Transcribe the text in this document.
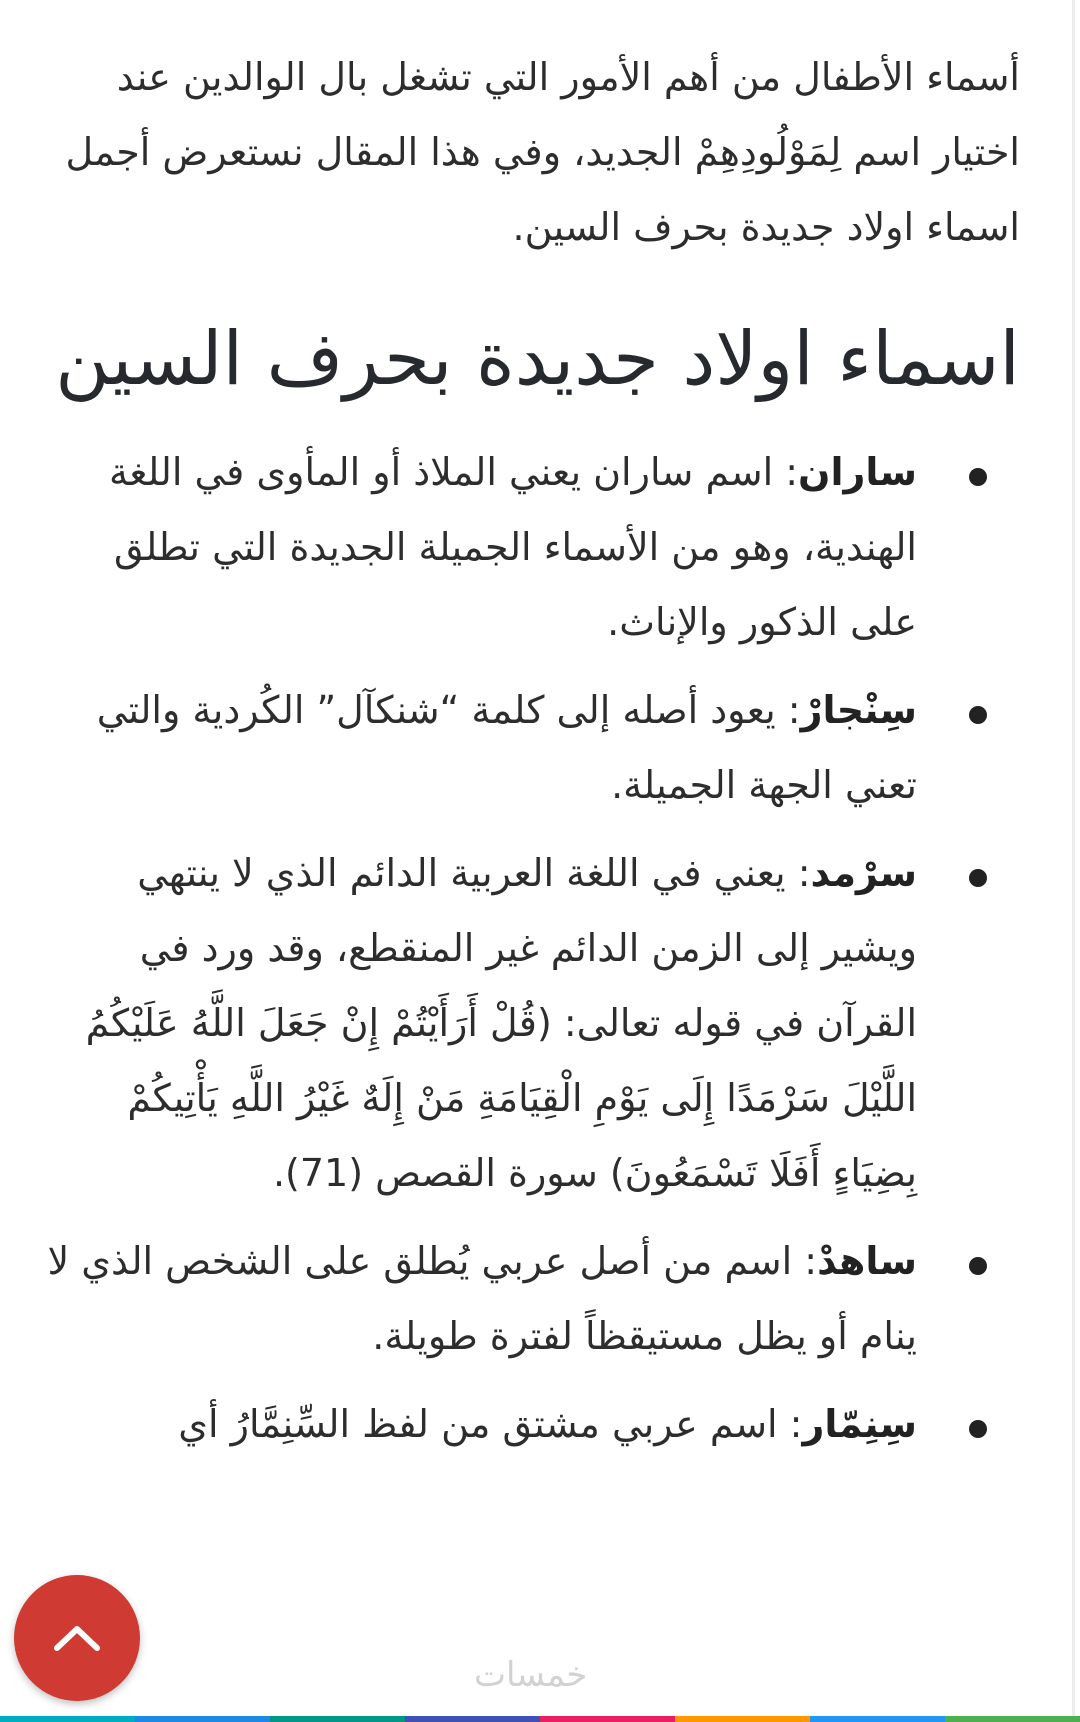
أسماء الأطفال من أهم الأمور التي تشغل بال الوالدين عند اختيار اسم لِمَوْلُودِهِمْ الجديد، وفي هذا المقال نستعرض أجمل اسماء اولاد جديدة بحرف السين.

اسماء اولاد جديدة بحرف السين
ساران: اسم ساران يعني الملاذ أو المأوى في اللغة الهندية، وهو من الأسماء الجميلة الجديدة التي تطلق على الذكور والإناث.
سِنْجارْ: يعود أصله إلى كلمة “شنكآل” الكُردية والتي تعني الجهة الجميلة.
سرْمد: يعني في اللغة العربية الدائم الذي لا ينتهي ويشير إلى الزمن الدائم غير المنقطع، وقد ورد في القرآن في قوله تعالى: (قُلْ أَرَأَيْتُمْ إِنْ جَعَلَ اللَّهُ عَلَيْكُمُ اللَّيْلَ سَرْمَدًا إِلَى يَوْمِ الْقِيَامَةِ مَنْ إِلَهٌ غَيْرُ اللَّهِ يَأْتِيكُمْ بِضِيَاءٍ أَفَلَا تَسْمَعُونَ) سورة القصص (71).
ساهدْ: اسم من أصل عربي يُطلق على الشخص الذي لا ينام أو يظل مستيقظاً لفترة طويلة.
سِنِمّار: اسم عربي مشتق من لفظ السِّنِمَّارُ أي
خمسات
